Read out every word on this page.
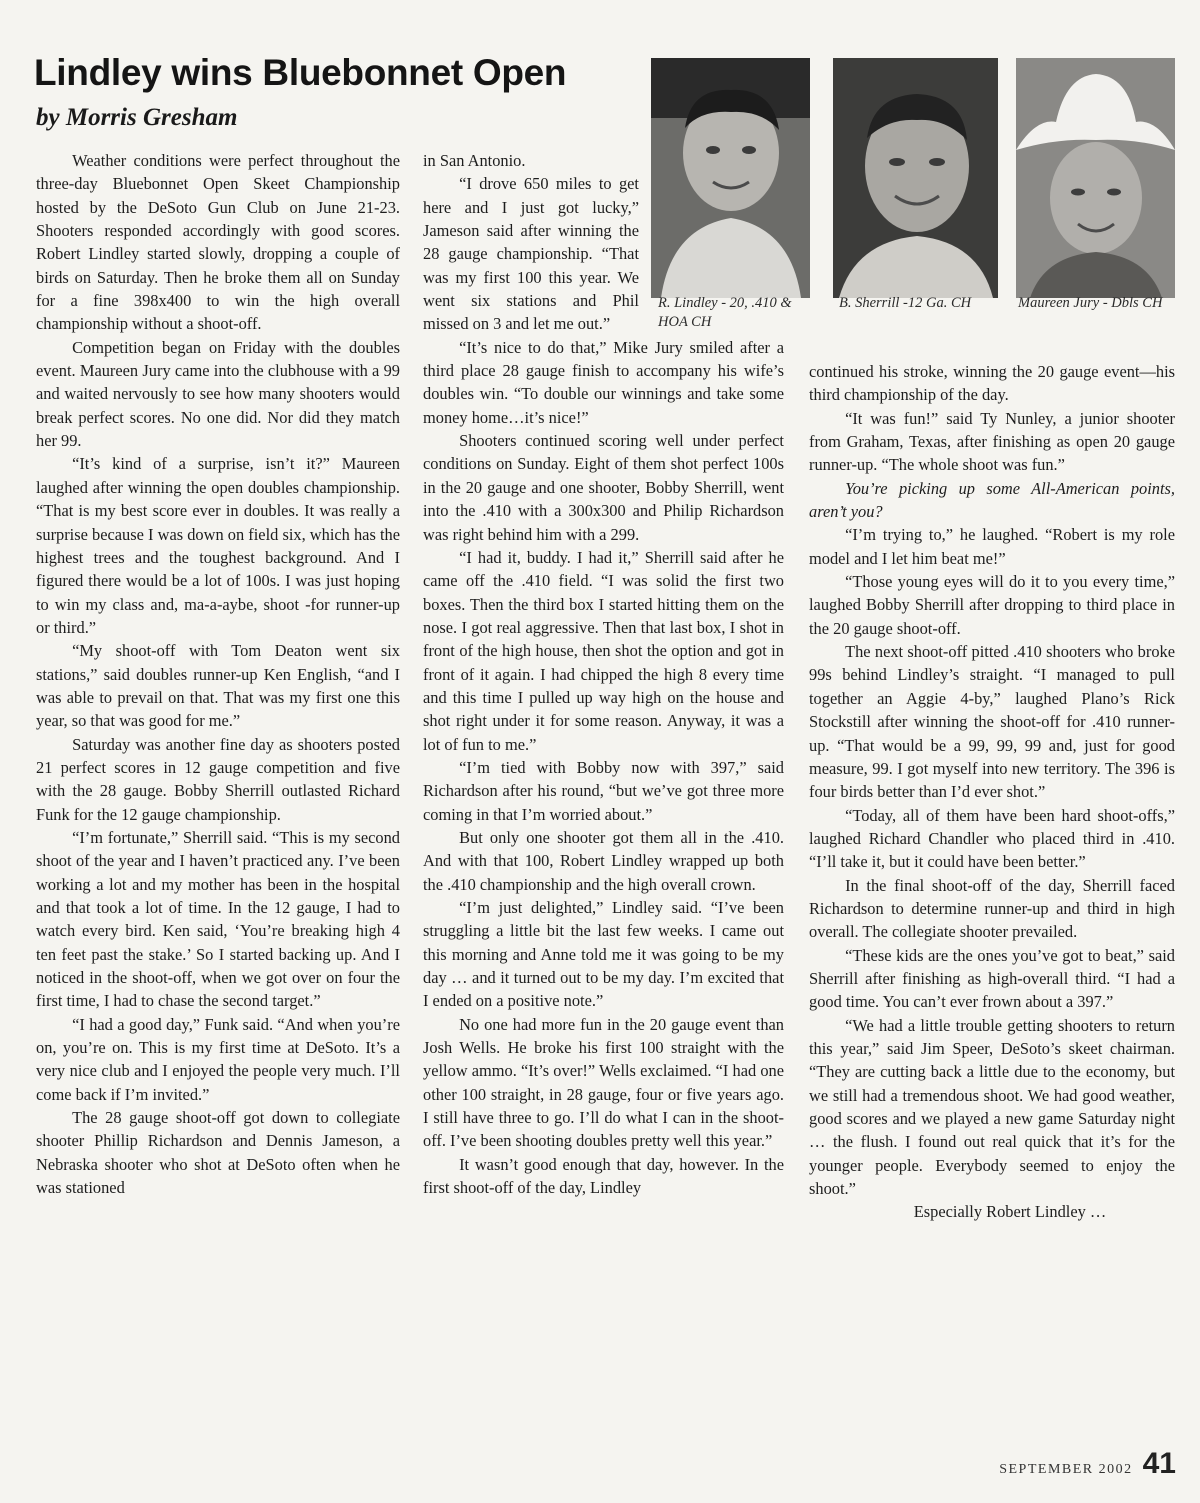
Lindley wins Bluebonnet Open
by Morris Gresham

Weather conditions were perfect throughout the three-day Bluebonnet Open Skeet Championship hosted by the DeSoto Gun Club on June 21-23. Shooters responded accordingly with good scores. Robert Lindley started slowly, dropping a couple of birds on Saturday. Then he broke them all on Sunday for a fine 398x400 to win the high overall championship without a shoot-off.

Competition began on Friday with the doubles event. Maureen Jury came into the clubhouse with a 99 and waited nervously to see how many shooters would break perfect scores. No one did. Nor did they match her 99.

“It’s kind of a surprise, isn’t it?” Maureen laughed after winning the open doubles championship. “That is my best score ever in doubles. It was really a surprise because I was down on field six, which has the highest trees and the toughest background. And I figured there would be a lot of 100s. I was just hoping to win my class and, ma-a-aybe, shoot -for runner-up or third.”

“My shoot-off with Tom Deaton went six stations,” said doubles runner-up Ken English, “and I was able to prevail on that. That was my first one this year, so that was good for me.”

Saturday was another fine day as shooters posted 21 perfect scores in 12 gauge competition and five with the 28 gauge. Bobby Sherrill outlasted Richard Funk for the 12 gauge championship.

“I’m fortunate,” Sherrill said. “This is my second shoot of the year and I haven’t practiced any. I’ve been working a lot and my mother has been in the hospital and that took a lot of time. In the 12 gauge, I had to watch every bird. Ken said, ‘You’re breaking high 4 ten feet past the stake.’ So I started backing up. And I noticed in the shoot-off, when we got over on four the first time, I had to chase the second target.”

“I had a good day,” Funk said. “And when you’re on, you’re on. This is my first time at DeSoto. It’s a very nice club and I enjoyed the people very much. I’ll come back if I’m invited.”

The 28 gauge shoot-off got down to collegiate shooter Phillip Richardson and Dennis Jameson, a Nebraska shooter who shot at DeSoto often when he was stationed

in San Antonio.

“I drove 650 miles to get here and I just got lucky,” Jameson said after winning the 28 gauge championship. “That was my first 100 this year. We went six stations and Phil missed on 3 and let me out.”

“It’s nice to do that,” Mike Jury smiled after a third place 28 gauge finish to accompany his wife’s doubles win. “To double our winnings and take some money home…it’s nice!”

Shooters continued scoring well under perfect conditions on Sunday. Eight of them shot perfect 100s in the 20 gauge and one shooter, Bobby Sherrill, went into the .410 with a 300x300 and Philip Richardson was right behind him with a 299.

“I had it, buddy. I had it,” Sherrill said after he came off the .410 field. “I was solid the first two boxes. Then the third box I started hitting them on the nose. I got real aggressive. Then that last box, I shot in front of the high house, then shot the option and got in front of it again. I had chipped the high 8 every time and this time I pulled up way high on the house and shot right under it for some reason. Anyway, it was a lot of fun to me.”

“I’m tied with Bobby now with 397,” said Richardson after his round, “but we’ve got three more coming in that I’m worried about.”

But only one shooter got them all in the .410. And with that 100, Robert Lindley wrapped up both the .410 championship and the high overall crown.

“I’m just delighted,” Lindley said. “I’ve been struggling a little bit the last few weeks. I came out this morning and Anne told me it was going to be my day … and it turned out to be my day. I’m excited that I ended on a positive note.”

No one had more fun in the 20 gauge event than Josh Wells. He broke his first 100 straight with the yellow ammo. “It’s over!” Wells exclaimed. “I had one other 100 straight, in 28 gauge, four or five years ago. I still have three to go. I’ll do what I can in the shoot-off. I’ve been shooting doubles pretty well this year.”

It wasn’t good enough that day, however. In the first shoot-off of the day, Lindley

continued his stroke, winning the 20 gauge event—his third championship of the day.

“It was fun!” said Ty Nunley, a junior shooter from Graham, Texas, after finishing as open 20 gauge runner-up. “The whole shoot was fun.”

You’re picking up some All-American points, aren’t you?

“I’m trying to,” he laughed. “Robert is my role model and I let him beat me!”

“Those young eyes will do it to you every time,” laughed Bobby Sherrill after dropping to third place in the 20 gauge shoot-off.

The next shoot-off pitted .410 shooters who broke 99s behind Lindley’s straight. “I managed to pull together an Aggie 4-by,” laughed Plano’s Rick Stockstill after winning the shoot-off for .410 runner-up. “That would be a 99, 99, 99 and, just for good measure, 99. I got myself into new territory. The 396 is four birds better than I’d ever shot.”

“Today, all of them have been hard shoot-offs,” laughed Richard Chandler who placed third in .410. “I’ll take it, but it could have been better.”

In the final shoot-off of the day, Sherrill faced Richardson to determine runner-up and third in high overall. The collegiate shooter prevailed.

“These kids are the ones you’ve got to beat,” said Sherrill after finishing as high-overall third. “I had a good time. You can’t ever frown about a 397.”

“We had a little trouble getting shooters to return this year,” said Jim Speer, DeSoto’s skeet chairman. “They are cutting back a little due to the economy, but we still had a tremendous shoot. We had good weather, good scores and we played a new game Saturday night … the flush. I found out real quick that it’s for the younger people. Everybody seemed to enjoy the shoot.”

Especially Robert Lindley …

R. Lindley - 20, .410 & HOA CH
B. Sherrill -12 Ga. CH	Maureen Jury - Dbls CH
SEPTEMBER 2002 41
